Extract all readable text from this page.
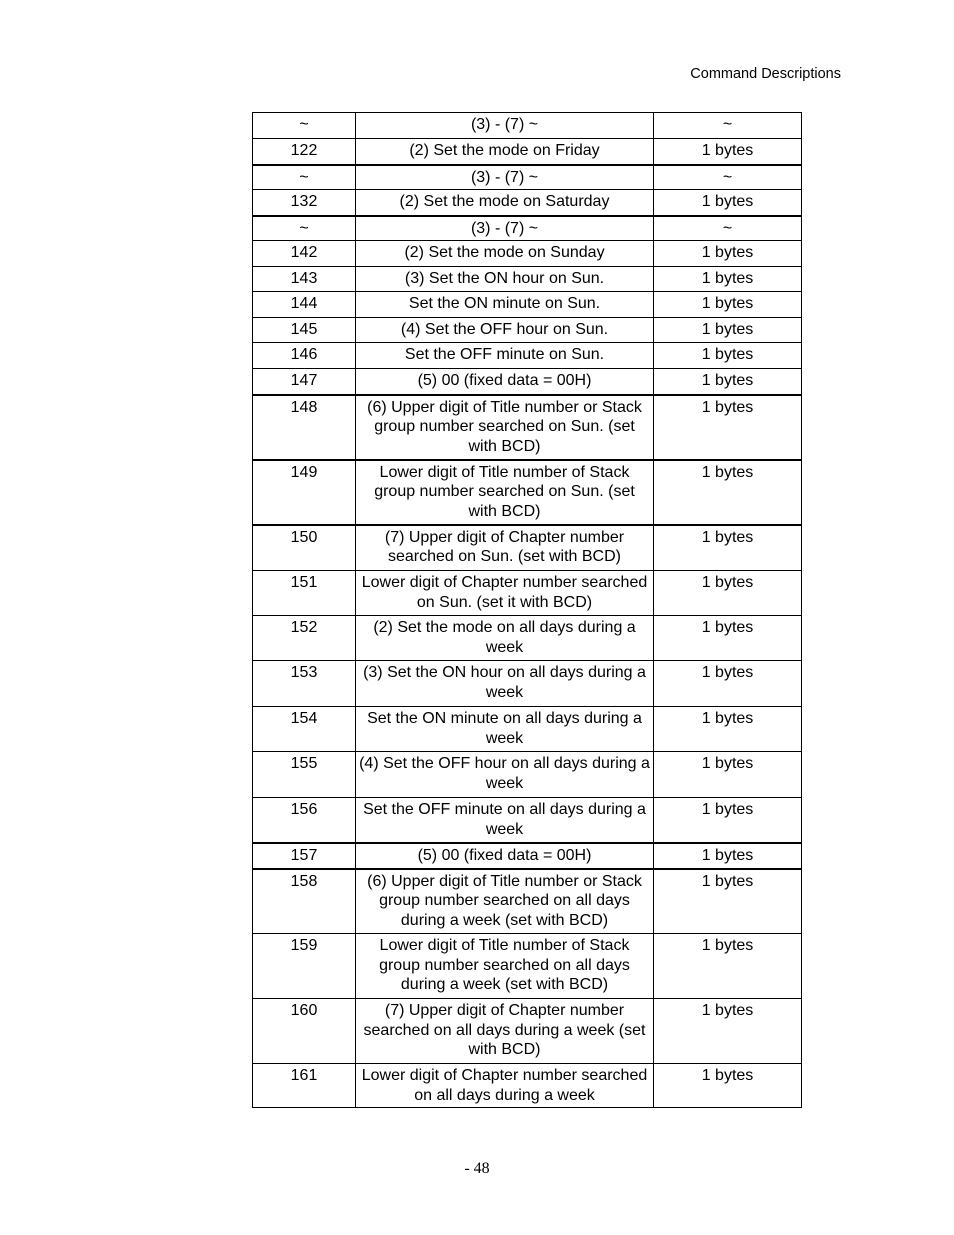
Command Descriptions
~	(3) - (7) ~	~
122	(2) Set the mode on Friday	1 bytes
~	(3) - (7) ~	~
132	(2) Set the mode on Saturday	1 bytes
~	(3) - (7) ~	~
142	(2) Set the mode on Sunday	1 bytes
143	(3) Set the ON hour on Sun.	1 bytes
144	Set the ON minute on Sun.	1 bytes
145	(4) Set the OFF hour on Sun.	1 bytes
146	Set the OFF minute on Sun.	1 bytes
147	(5) 00 (fixed data = 00H)	1 bytes
148	(6) Upper digit of Title number or Stack group number searched on Sun. (set with BCD)	1 bytes
149	Lower digit of Title number of Stack group number searched on Sun. (set with BCD)	1 bytes
150	(7) Upper digit of Chapter number searched on Sun. (set with BCD)	1 bytes
151	Lower digit of Chapter number searched on Sun. (set it with BCD)	1 bytes
152	(2) Set the mode on all days during a week	1 bytes
153	(3) Set the ON hour on all days during a week	1 bytes
154	Set the ON minute on all days during a week	1 bytes
155	(4) Set the OFF hour on all days during a week	1 bytes
156	Set the OFF minute on all days during a week	1 bytes
157	(5) 00 (fixed data = 00H)	1 bytes
158	(6) Upper digit of Title number or Stack group number searched on all days during a week (set with BCD)	1 bytes
159	Lower digit of Title number of Stack group number searched on all days during a week (set with BCD)	1 bytes
160	(7) Upper digit of Chapter number searched on all days during a week (set with BCD)	1 bytes
161	Lower digit of Chapter number searched on all days during a week	1 bytes
- 48
